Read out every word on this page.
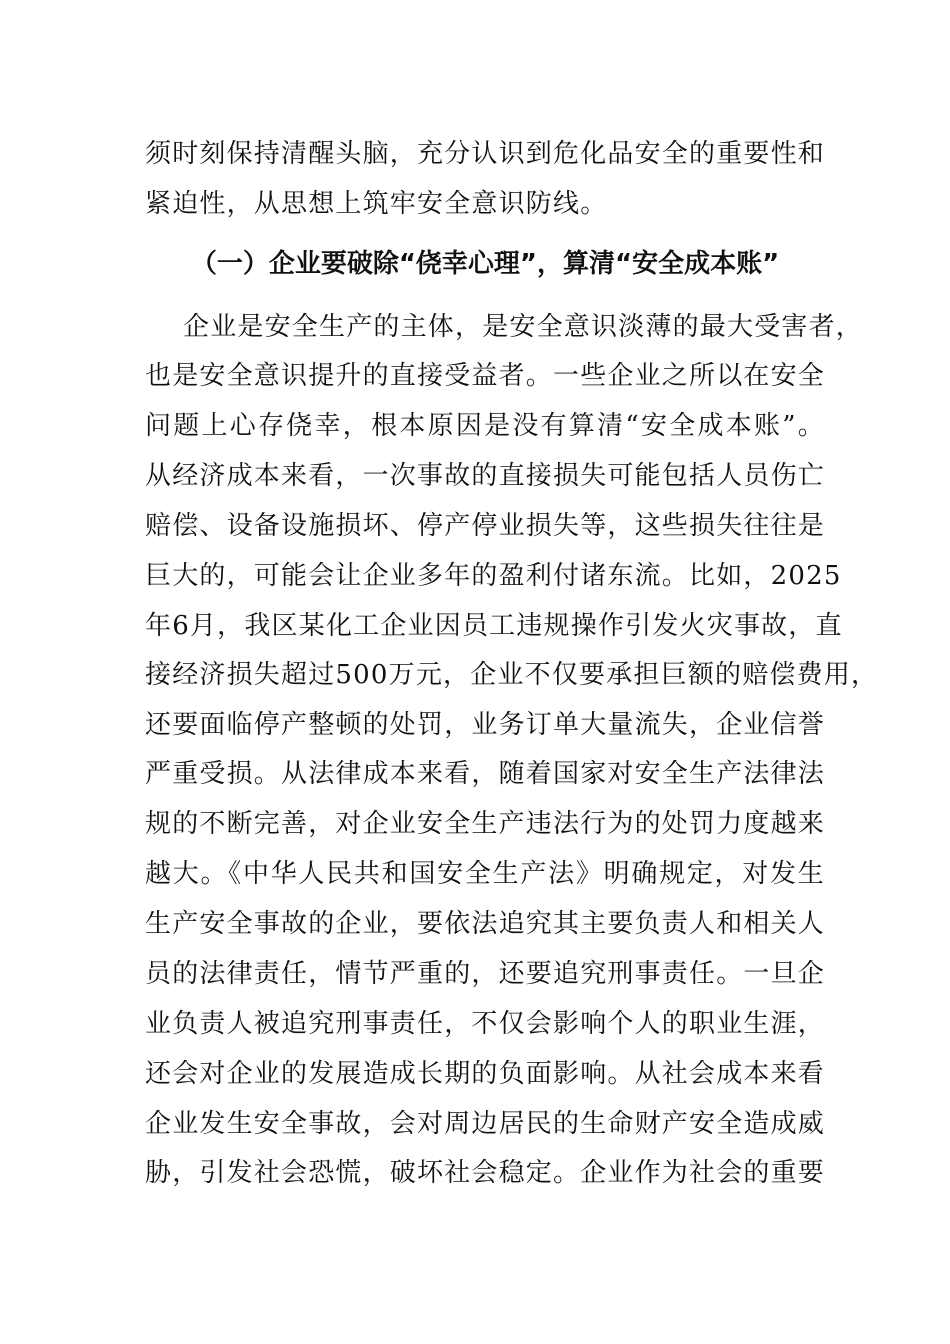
须时刻保持清醒头脑，充分认识到危化品安全的重要性和
紧迫性，从思想上筑牢安全意识防线。
（一）企业要破除“侥幸心理”，算清“安全成本账”
企业是安全生产的主体，是安全意识淡薄的最大受害者，
也是安全意识提升的直接受益者。一些企业之所以在安全
问题上心存侥幸，根本原因是没有算清“安全成本账”。
从经济成本来看，一次事故的直接损失可能包括人员伤亡
赔偿、设备设施损坏、停产停业损失等，这些损失往往是
巨大的，可能会让企业多年的盈利付诸东流。比如，2025
年6月，我区某化工企业因员工违规操作引发火灾事故，直
接经济损失超过500万元，企业不仅要承担巨额的赔偿费用，
还要面临停产整顿的处罚，业务订单大量流失，企业信誉
严重受损。从法律成本来看，随着国家对安全生产法律法
规的不断完善，对企业安全生产违法行为的处罚力度越来
越大。《中华人民共和国安全生产法》明确规定，对发生
生产安全事故的企业，要依法追究其主要负责人和相关人
员的法律责任，情节严重的，还要追究刑事责任。一旦企
业负责人被追究刑事责任，不仅会影响个人的职业生涯，
还会对企业的发展造成长期的负面影响。从社会成本来看
企业发生安全事故，会对周边居民的生命财产安全造成威
胁，引发社会恐慌，破坏社会稳定。企业作为社会的重要
